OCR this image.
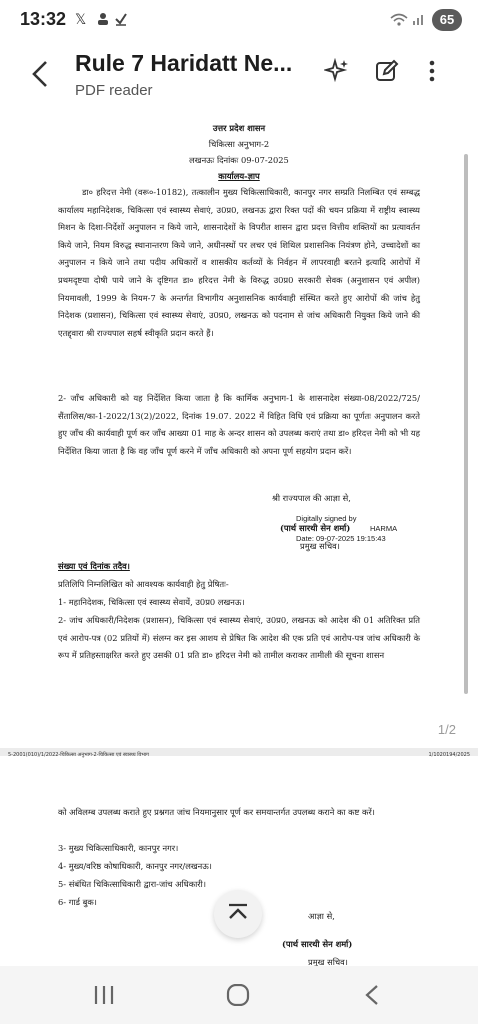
13:32 𝕏	65
Rule 7 Haridatt Ne...
PDF reader
उत्तर प्रदेश शासन
चिकित्सा अनुभाग-2
लखनऊः दिनांकः 09-07-2025
कार्यालय-ज्ञाप
डा० हरिदत्त नेमी (वरू०-10182), तत्कालीन मुख्य चिकित्साधिकारी, कानपुर नगर सम्प्रति निलम्बित एवं सम्बद्ध कार्यालय महानिदेशक, चिकित्सा एवं स्वास्थ्य सेवाएं, उ0प्र0, लखनऊ द्वारा रिक्त पदों की चयन प्रक्रिया में राष्ट्रीय स्वास्थ्य मिशन के दिशा-निर्देशों अनुपालन न किये जाने, शासनादेशों के विपरीत शासन द्वारा प्रदत्त वित्तीय शक्तियों का प्रत्यावर्तन किये जाने, नियम विरुद्ध स्थानान्तरण किये जाने, अधीनस्थों पर लचर एवं शिथिल प्रशासनिक नियंत्रण होने, उच्चादेशों का अनुपालन न किये जाने तथा पदीय अधिकारों व शासकीय कर्तव्यों के निर्वहन में लापरवाही बरतने इत्यादि आरोपों में प्रथमदृष्टया दोषी पाये जाने के दृष्टिगत डा० हरिदत्त नेमी के विरुद्ध उ0प्र0 सरकारी सेवक (अनुशासन एवं अपील) नियमावली, 1999 के नियम-7 के अन्तर्गत विभागीय अनुशासनिक कार्यवाही संस्थित करते हुए आरोपों की जांच हेतु निदेशक (प्रशासन), चिकित्सा एवं स्वास्थ्य सेवाएं, उ0प्र0, लखनऊ को पदनाम से जांच अधिकारी नियुक्त किये जाने की एतद्द्वारा श्री राज्यपाल सहर्ष स्वीकृति प्रदान करते हैं।
2- जाँच अधिकारी को यह निर्देशित किया जाता है कि कार्मिक अनुभाग-1 के शासनादेश संख्या-08/2022/725/सैंतालिस/का-1-2022/13(2)/2022, दिनांक 19.07. 2022 में विहित विधि एवं प्रक्रिया का पूर्णतः अनुपालन करते हुए जाँच की कार्यवाही पूर्ण कर जाँच आख्या 01 माह के अन्दर शासन को उपलब्ध कराएं तथा डा० हरिदत्त नेमी को भी यह निर्देशित किया जाता है कि वह जाँच पूर्ण करने में जाँच अधिकारी को अपना पूर्ण सहयोग प्रदान करें।
श्री राज्यपाल की आज्ञा से,
Digitally signed by
(पार्थ सारथी सेन शर्मा)	HARMA
Date: 09-07-2025 19:15:43
प्रमुख सचिव।
संख्या एवं दिनांक तदैव।
प्रतिलिपि निम्नलिखित को आवश्यक कार्यवाही हेतु प्रेषितः-
1- महानिदेशक, चिकित्सा एवं स्वास्थ्य सेवायें, उ0प्र0 लखनऊ।
2- जांच अधिकारी/निदेशक (प्रशासन), चिकित्सा एवं स्वास्थ्य सेवाएं, उ0प्र0, लखनऊ को आदेश की 01 अतिरिक्त प्रति एवं आरोप-पत्र (02 प्रतियों में) संलग्न कर इस आशय से प्रेषित कि आदेश की एक प्रति एवं आरोप-पत्र जांच अधिकारी के रूप में प्रतिहस्ताक्षरित करते हुए उसकी 01 प्रति डा० हरिदत्त नेमी को तामील कराकर तामीली की सूचना शासन
1/2
5-2001(010)/1/2022-चिकित्सा अनुभाग-2-चिकित्सा एवं स्वास्थ्य विभाग	1/1020194/2025
को अविलम्ब उपलब्ध कराते हुए प्रश्नगत जांच नियमानुसार पूर्ण कर समयान्तर्गत उपलब्ध कराने का कष्ट करें।
3- मुख्य चिकित्साधिकारी, कानपुर नगर।
4- मुख्य/वरिष्ठ कोषाधिकारी, कानपुर नगर/लखनऊ।
5- संबंधित चिकित्साधिकारी द्वारा-जांच अधिकारी।
6- गार्ड बुक।
आज्ञा से,
(पार्थ सारथी सेन शर्मा)
प्रमुख सचिव।
